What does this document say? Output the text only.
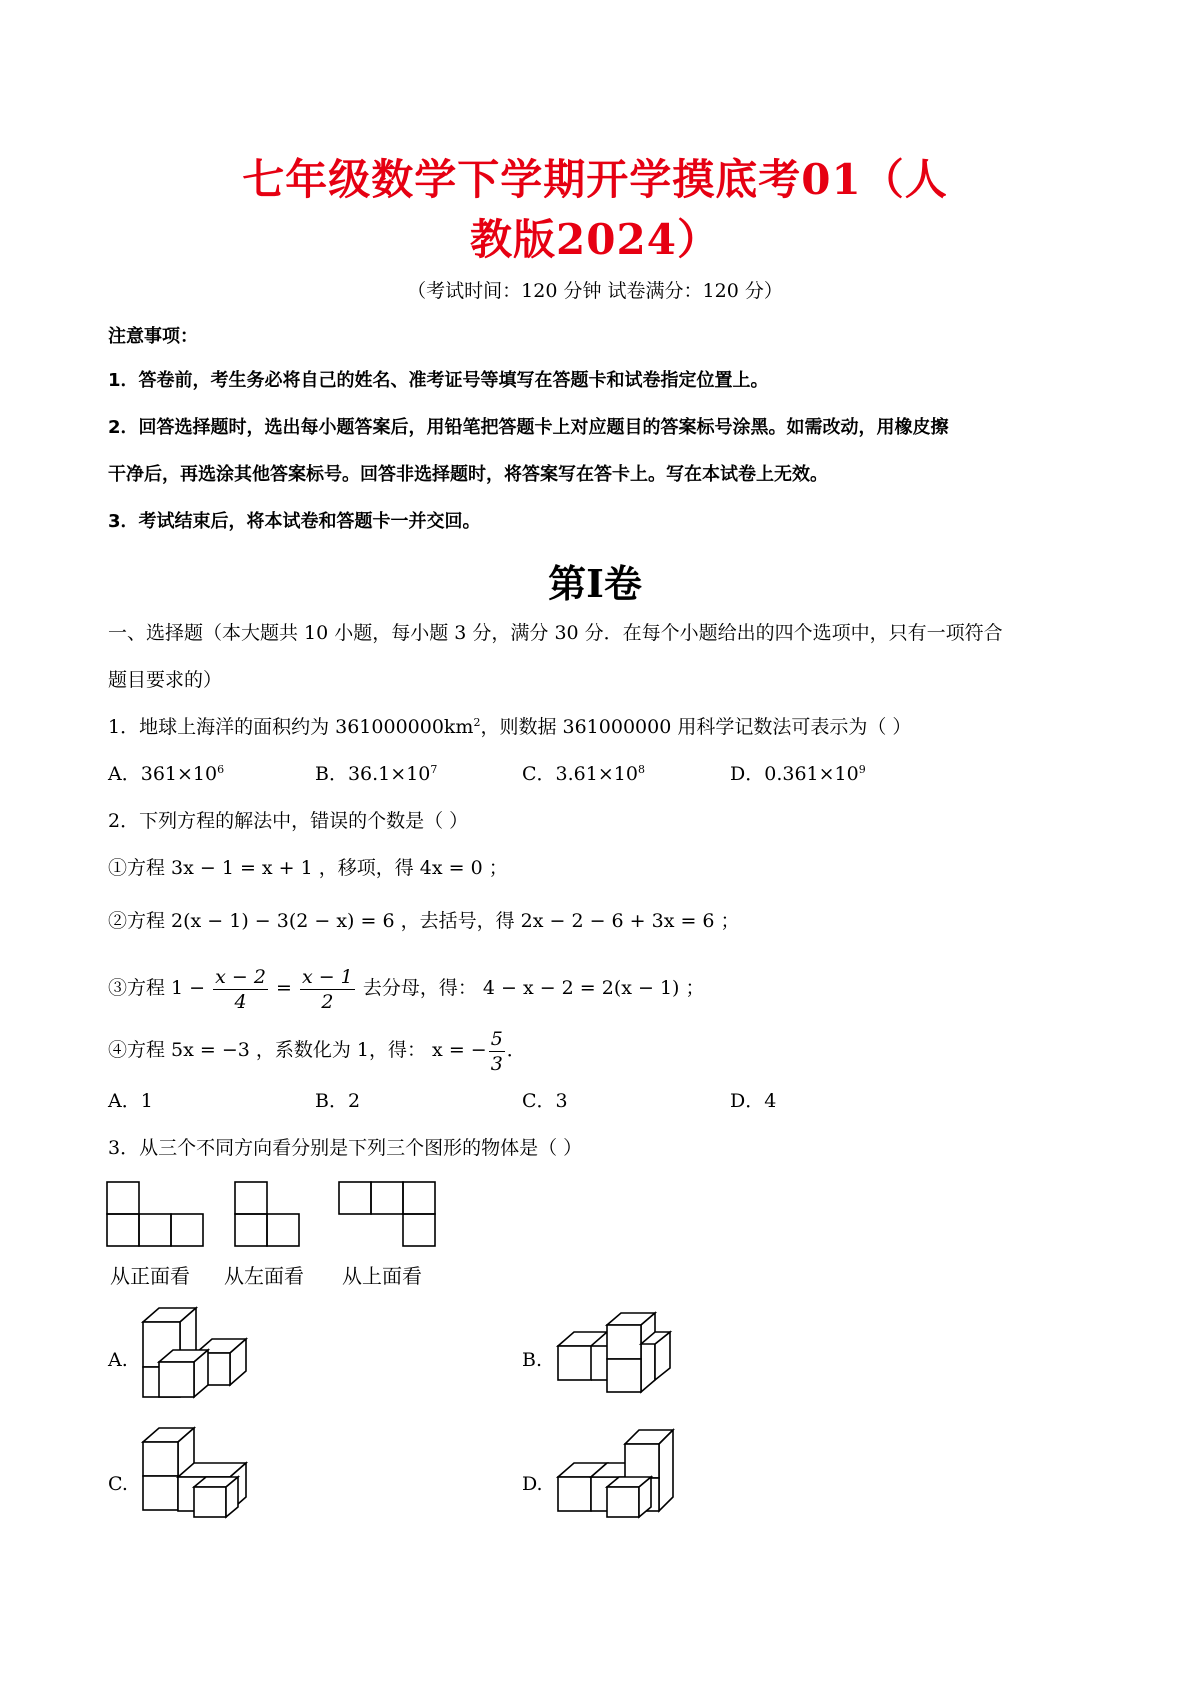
七年级数学下学期开学摸底考01（人
教版2024）
（考试时间：120 分钟 试卷满分：120 分）
注意事项：
1．答卷前，考生务必将自己的姓名、准考证号等填写在答题卡和试卷指定位置上。
2．回答选择题时，选出每小题答案后，用铅笔把答题卡上对应题目的答案标号涂黑。如需改动，用橡皮擦
干净后，再选涂其他答案标号。回答非选择题时，将答案写在答卡上。写在本试卷上无效。
3．考试结束后，将本试卷和答题卡一并交回。
第I卷
一、选择题（本大题共 10 小题，每小题 3 分，满分 30 分．在每个小题给出的四个选项中，只有一项符合
题目要求的）
1．地球上海洋的面积约为 $361000000km^2$，则数据 361000000 用科学记数法可表示为（ ）
A．$361\times 10^6$	B．$36.1\times 10^7$	C．$3.61\times 10^8$	D．$0.361\times 10^9$
2．下列方程的解法中，错误的个数是（ ）
①方程 3x − 1 = x + 1 ，移项，得 4x = 0 ；
②方程 2(x − 1) − 3(2 − x) = 6 ，去括号，得 2x − 2 − 6 + 3x = 6 ；
③方程 $1 - \frac{x - 2}{4} = \frac{x - 1}{2}$ 去分母，得： 4 − x − 2 = 2(x − 1) ；
④方程 5x = −3 ，系数化为 1，得： x = − $\frac{5}{3}$ ．
A．1	B．2	C．3	D．4
3．从三个不同方向看分别是下列三个图形的物体是（ ）
从正面看 从左面看 从上面看
A.	B.
C.	D.
